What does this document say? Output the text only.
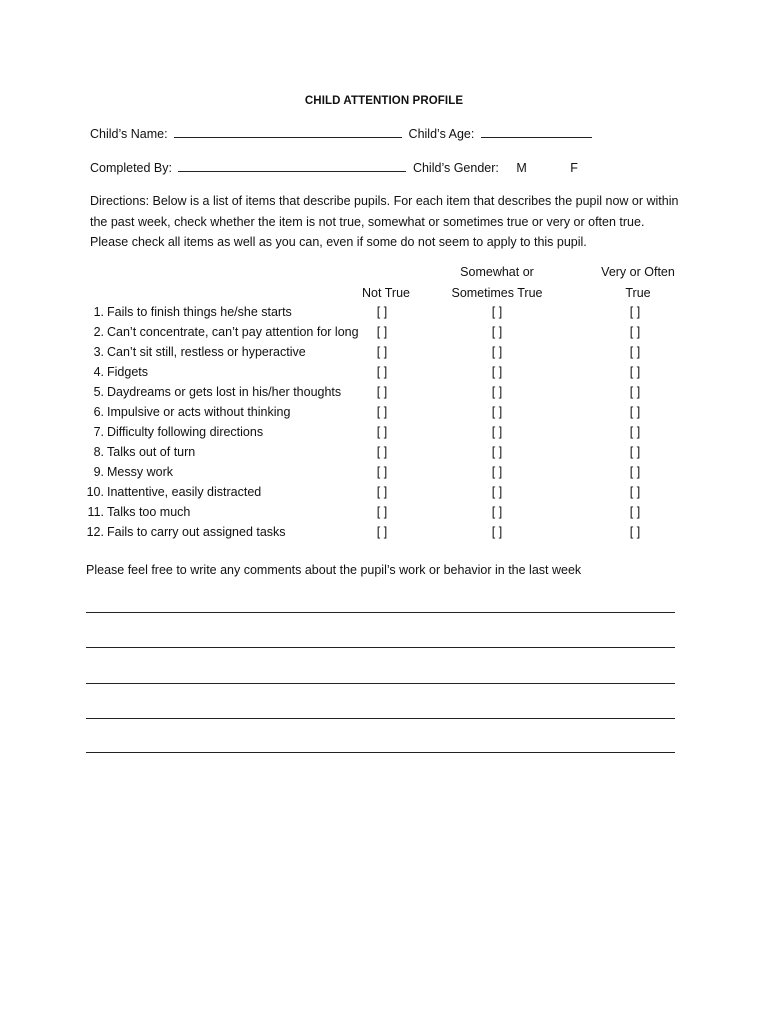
CHILD ATTENTION PROFILE
Child’s Name:	Child’s Age:
Completed By:	Child’s Gender: M	F
Directions: Below is a list of items that describe pupils. For each item that describes the pupil now or within the past week, check whether the item is not true, somewhat or sometimes true or very or often true. Please check all items as well as you can, even if some do not seem to apply to this pupil.
Not True
Somewhat or
Sometimes True
Very or Often
True
1. Fails to finish things he/she starts	[ ]	[ ]	[ ]
2. Can’t concentrate, can’t pay attention for long	[ ]	[ ]	[ ]
3. Can’t sit still, restless or hyperactive	[ ]	[ ]	[ ]
4. Fidgets	[ ]	[ ]	[ ]
5. Daydreams or gets lost in his/her thoughts	[ ]	[ ]	[ ]
6. Impulsive or acts without thinking	[ ]	[ ]	[ ]
7. Difficulty following directions	[ ]	[ ]	[ ]
8. Talks out of turn	[ ]	[ ]	[ ]
9. Messy work	[ ]	[ ]	[ ]
10. Inattentive, easily distracted	[ ]	[ ]	[ ]
11. Talks too much	[ ]	[ ]	[ ]
12. Fails to carry out assigned tasks	[ ]	[ ]	[ ]
Please feel free to write any comments about the pupil’s work or behavior in the last week
